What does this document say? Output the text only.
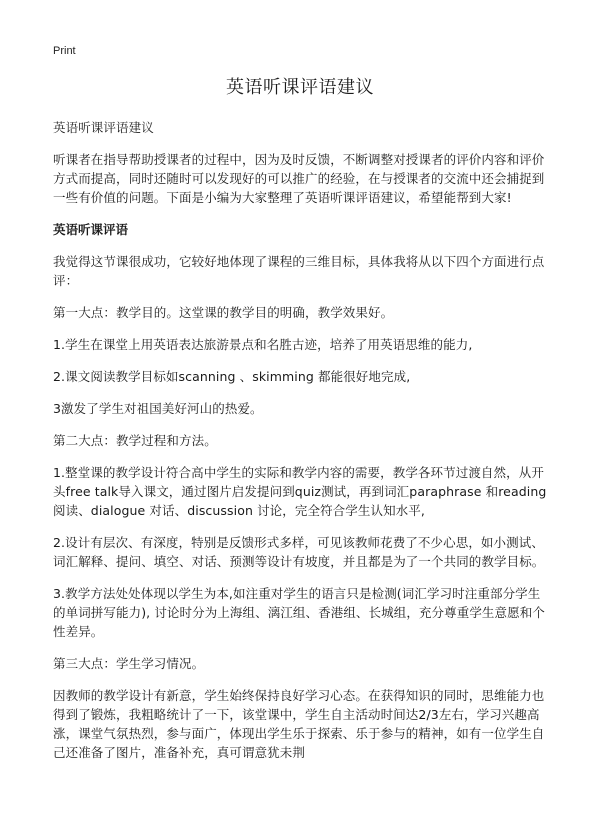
Print
英语听课评语建议

英语听课评语建议

听课者在指导帮助授课者的过程中，因为及时反馈，不断调整对授课者的评价内容和评价方式而提高，同时还随时可以发现好的可以推广的经验，在与授课者的交流中还会捕捉到一些有价值的问题。下面是小编为大家整理了英语听课评语建议，希望能帮到大家!

英语听课评语

我觉得这节课很成功，它较好地体现了课程的三维目标，具体我将从以下四个方面进行点评：

第一大点：教学目的。这堂课的教学目的明确，教学效果好。

1.学生在课堂上用英语表达旅游景点和名胜古迹，培养了用英语思维的能力,

2.课文阅读教学目标如scanning 、skimming 都能很好地完成,

3激发了学生对祖国美好河山的热爱。

第二大点：教学过程和方法。

1.整堂课的教学设计符合高中学生的实际和教学内容的需要，教学各环节过渡自然，从开头free talk导入课文，通过图片启发提问到quiz测试，再到词汇paraphrase 和reading 阅读、dialogue 对话、discussion 讨论，完全符合学生认知水平,

2.设计有层次、有深度，特别是反馈形式多样，可见该教师花费了不少心思，如小测试、词汇解释、提问、填空、对话、预测等设计有坡度，并且都是为了一个共同的教学目标。

3.教学方法处处体现以学生为本,如注重对学生的语言只是检测(词汇学习时注重部分学生的单词拼写能力), 讨论时分为上海组、漓江组、香港组、长城组，充分尊重学生意愿和个性差异。

第三大点：学生学习情况。

因教师的教学设计有新意，学生始终保持良好学习心态。在获得知识的同时，思维能力也得到了锻炼，我粗略统计了一下，该堂课中，学生自主活动时间达2/3左右，学习兴趣高涨，课堂气氛热烈，参与面广，体现出学生乐于探索、乐于参与的精神，如有一位学生自己还准备了图片，准备补充，真可谓意犹未荆
